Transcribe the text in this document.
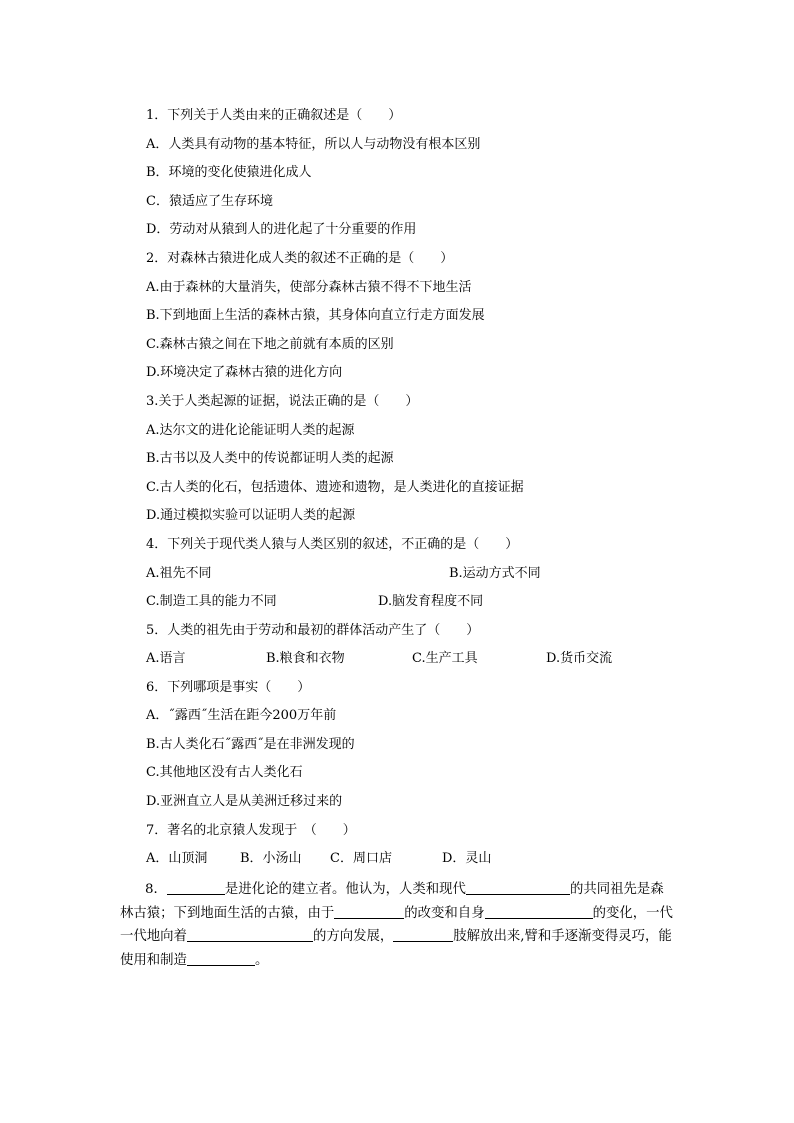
1．下列关于人类由来的正确叙述是（　　）
A．人类具有动物的基本特征，所以人与动物没有根本区别
B．环境的变化使猿进化成人
C．猿适应了生存环境
D．劳动对从猿到人的进化起了十分重要的作用
2．对森林古猿进化成人类的叙述不正确的是（　　）
A.由于森林的大量消失，使部分森林古猿不得不下地生活
B.下到地面上生活的森林古猿，其身体向直立行走方面发展
C.森林古猿之间在下地之前就有本质的区别
D.环境决定了森林古猿的进化方向
3.关于人类起源的证据，说法正确的是（　　）
A.达尔文的进化论能证明人类的起源
B.古书以及人类中的传说都证明人类的起源
C.古人类的化石，包括遗体、遗迹和遗物，是人类进化的直接证据
D.通过模拟实验可以证明人类的起源
4．下列关于现代类人猿与人类区别的叙述，不正确的是（　　）
A.祖先不同	B.运动方式不同
C.制造工具的能力不同	D.脑发育程度不同
5．人类的祖先由于劳动和最初的群体活动产生了（　　）
A.语言	B.粮食和衣物	C.生产工具	D.货币交流
6．下列哪项是事实（　　）
A．˝露西˝生活在距今200万年前
B.古人类化石˝露西˝是在非洲发现的
C.其他地区没有古人类化石
D.亚洲直立人是从美洲迁移过来的
7．著名的北京猿人发现于　（　　）
A．山顶洞	B．小汤山 C．周口店	D．灵山
8．	是进化论的建立者。他认为，人类和现代	的共同祖先是森林古猿；下到地面生活的古猿，由于	的改变和自身	的变化，一代一代地向着	的方向发展，	肢解放出来,臂和手逐渐变得灵巧，能使用和制造	。
